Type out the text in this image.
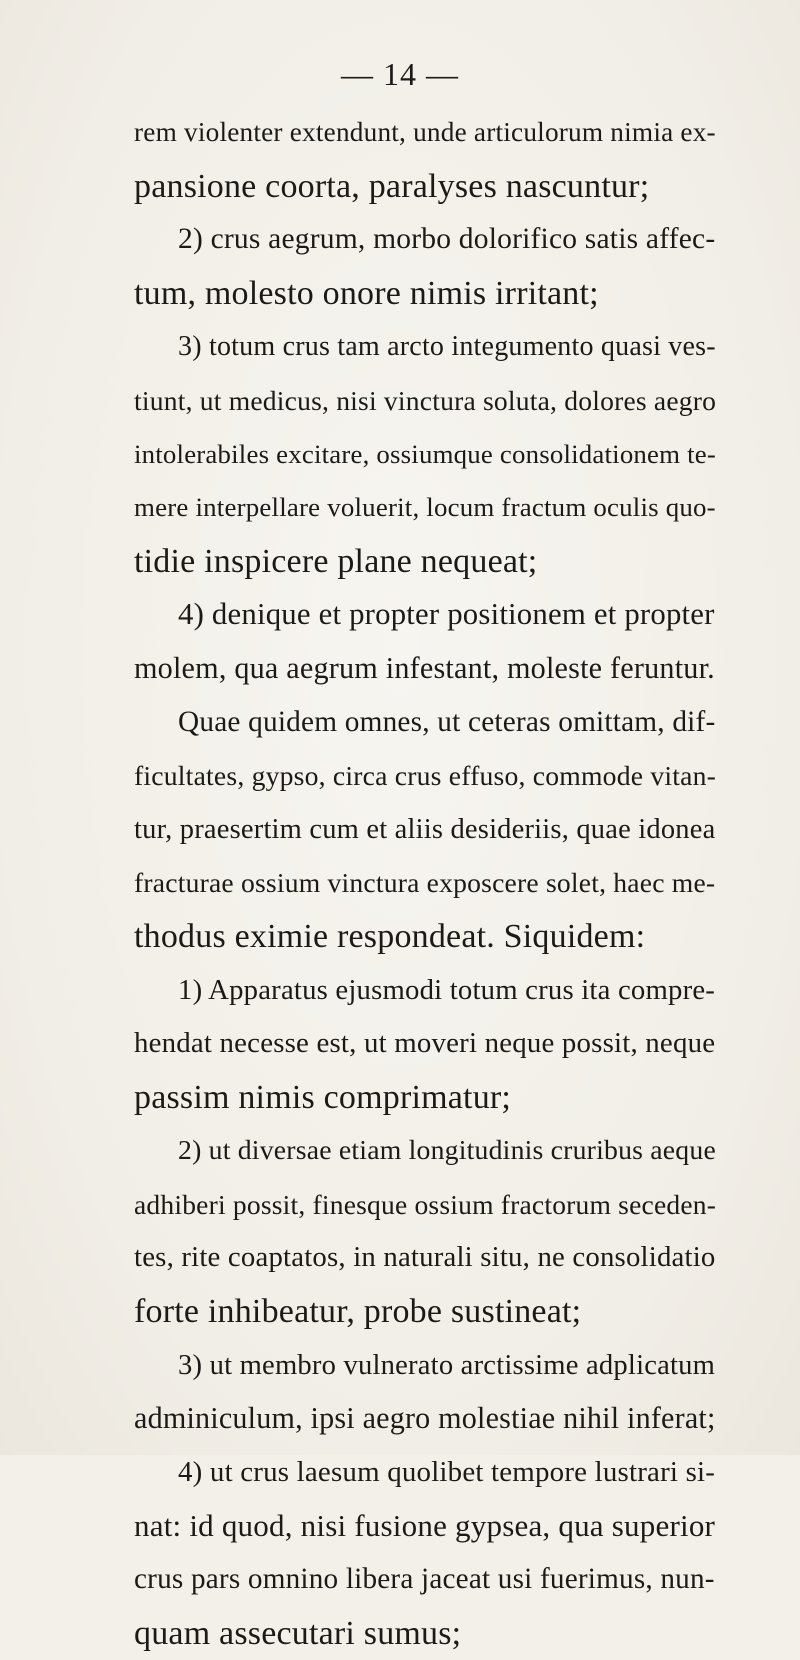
— 14 —
rem violenter extendunt, unde articulorum nimia ex-
pansione coorta, paralyses nascuntur;
2) crus aegrum, morbo dolorifico satis affec-
tum, molesto onore nimis irritant;
3) totum crus tam arcto integumento quasi ves-
tiunt, ut medicus, nisi vinctura soluta, dolores aegro
intolerabiles excitare, ossiumque consolidationem te-
mere interpellare voluerit, locum fractum oculis quo-
tidie inspicere plane nequeat;
4) denique et propter positionem et propter
molem, qua aegrum infestant, moleste feruntur.
Quae quidem omnes, ut ceteras omittam, dif-
ficultates, gypso, circa crus effuso, commode vitan-
tur, praesertim cum et aliis desideriis, quae idonea
fracturae ossium vinctura exposcere solet, haec me-
thodus eximie respondeat. Siquidem:
1) Apparatus ejusmodi totum crus ita compre-
hendat necesse est, ut moveri neque possit, neque
passim nimis comprimatur;
2) ut diversae etiam longitudinis cruribus aeque
adhiberi possit, finesque ossium fractorum seceden-
tes, rite coaptatos, in naturali situ, ne consolidatio
forte inhibeatur, probe sustineat;
3) ut membro vulnerato arctissime adplicatum
adminiculum, ipsi aegro molestiae nihil inferat;
4) ut crus laesum quolibet tempore lustrari si-
nat: id quod, nisi fusione gypsea, qua superior
crus pars omnino libera jaceat usi fuerimus, nun-
quam assecutari sumus;
